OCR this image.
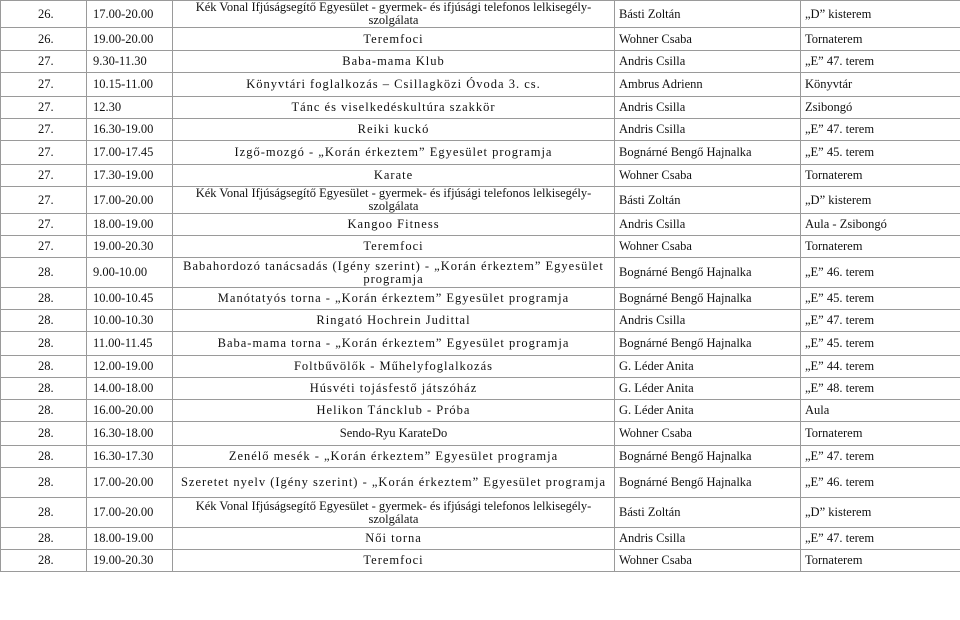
26.	17.00-20.00	Kék Vonal Ifjúságsegítő Egyesület - gyermek- és ifjúsági telefonos lelkisegély-szolgálata	Básti Zoltán	„D” kisterem
26.	19.00-20.00	Teremfoci	Wohner Csaba	Tornaterem
27.	9.30-11.30	Baba-mama Klub	Andris Csilla	„E” 47. terem
27.	10.15-11.00	Könyvtári foglalkozás – Csillagközi Óvoda 3. cs.	Ambrus Adrienn	Könyvtár
27.	12.30	Tánc és viselkedéskultúra szakkör	Andris Csilla	Zsibongó
27.	16.30-19.00	Reiki kuckó	Andris Csilla	„E” 47. terem
27.	17.00-17.45	Izgő-mozgó - „Korán érkeztem” Egyesület programja	Bognárné Bengő Hajnalka	„E” 45. terem
27.	17.30-19.00	Karate	Wohner Csaba	Tornaterem
27.	17.00-20.00	Kék Vonal Ifjúságsegítő Egyesület - gyermek- és ifjúsági telefonos lelkisegély-szolgálata	Básti Zoltán	„D” kisterem
27.	18.00-19.00	Kangoo Fitness	Andris Csilla	Aula - Zsibongó
27.	19.00-20.30	Teremfoci	Wohner Csaba	Tornaterem
28.	9.00-10.00	Babahordozó tanácsadás (Igény szerint) - „Korán érkeztem” Egyesület programja	Bognárné Bengő Hajnalka	„E” 46. terem
28.	10.00-10.45	Manótatyós torna - „Korán érkeztem” Egyesület programja	Bognárné Bengő Hajnalka	„E” 45. terem
28.	10.00-10.30	Ringató Hochrein Judittal	Andris Csilla	„E” 47. terem
28.	11.00-11.45	Baba-mama torna - „Korán érkeztem” Egyesület programja	Bognárné Bengő Hajnalka	„E” 45. terem
28.	12.00-19.00	Foltbűvölők - Műhelyfoglalkozás	G. Léder Anita	„E” 44. terem
28.	14.00-18.00	Húsvéti tojásfestő játszóház	G. Léder Anita	„E” 48. terem
28.	16.00-20.00	Helikon Táncklub - Próba	G. Léder Anita	Aula
28.	16.30-18.00	Sendo-Ryu KarateDo	Wohner Csaba	Tornaterem
28.	16.30-17.30	Zenélő mesék - „Korán érkeztem” Egyesület programja	Bognárné Bengő Hajnalka	„E” 47. terem
28.	17.00-20.00	Szeretet nyelv (Igény szerint) - „Korán érkeztem” Egyesület programja	Bognárné Bengő Hajnalka	„E” 46. terem
28.	17.00-20.00	Kék Vonal Ifjúságsegítő Egyesület - gyermek- és ifjúsági telefonos lelkisegély-szolgálata	Básti Zoltán	„D” kisterem
28.	18.00-19.00	Női torna	Andris Csilla	„E” 47. terem
28.	19.00-20.30	Teremfoci	Wohner Csaba	Tornaterem
